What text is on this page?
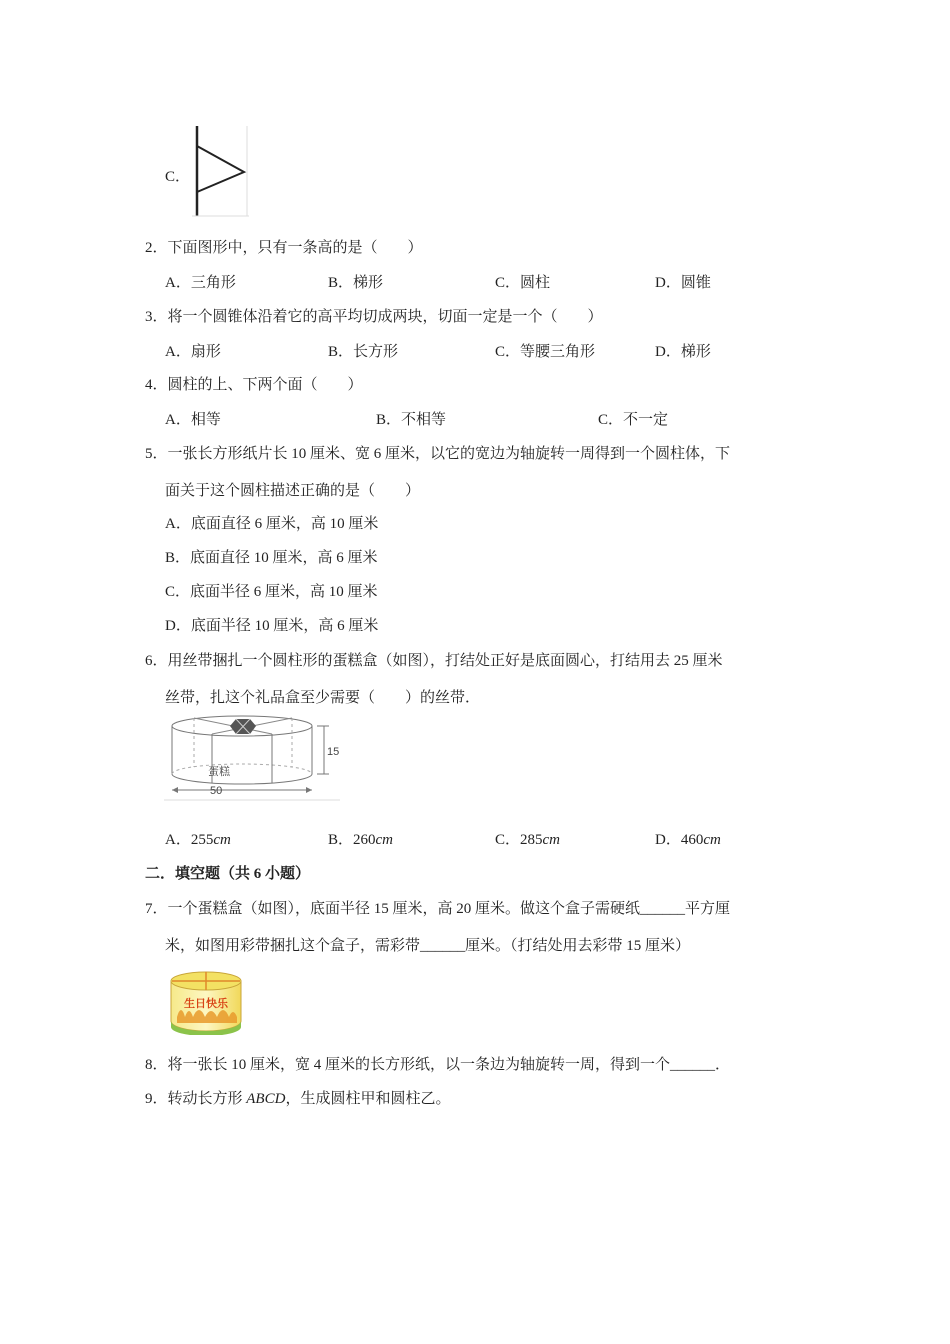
C．
2．下面图形中，只有一条高的是（　　）
A．三角形	B．梯形	C．圆柱	D．圆锥
3．将一个圆锥体沿着它的高平均切成两块，切面一定是一个（　　）
A．扇形	B．长方形	C．等腰三角形	D．梯形
4．圆柱的上、下两个面（　　）
A．相等	B．不相等	C．不一定
5．一张长方形纸片长 10 厘米、宽 6 厘米，以它的宽边为轴旋转一周得到一个圆柱体，下
面关于这个圆柱描述正确的是（　　）
A．底面直径 6 厘米，高 10 厘米
B．底面直径 10 厘米，高 6 厘米
C．底面半径 6 厘米，高 10 厘米
D．底面半径 10 厘米，高 6 厘米
6．用丝带捆扎一个圆柱形的蛋糕盒（如图），打结处正好是底面圆心，打结用去 25 厘米
丝带，扎这个礼品盒至少需要（　　）的丝带．
15
蛋糕
50
A．255cm	B．260cm	C．285cm	D．460cm
二．填空题（共 6 小题）
7．一个蛋糕盒（如图），底面半径 15 厘米，高 20 厘米。做这个盒子需硬纸______平方厘
米，如图用彩带捆扎这个盒子，需彩带______厘米。（打结处用去彩带 15 厘米）
生日快乐
8．将一张长 10 厘米，宽 4 厘米的长方形纸，以一条边为轴旋转一周，得到一个______．
9．转动长方形 ABCD，生成圆柱甲和圆柱乙。
